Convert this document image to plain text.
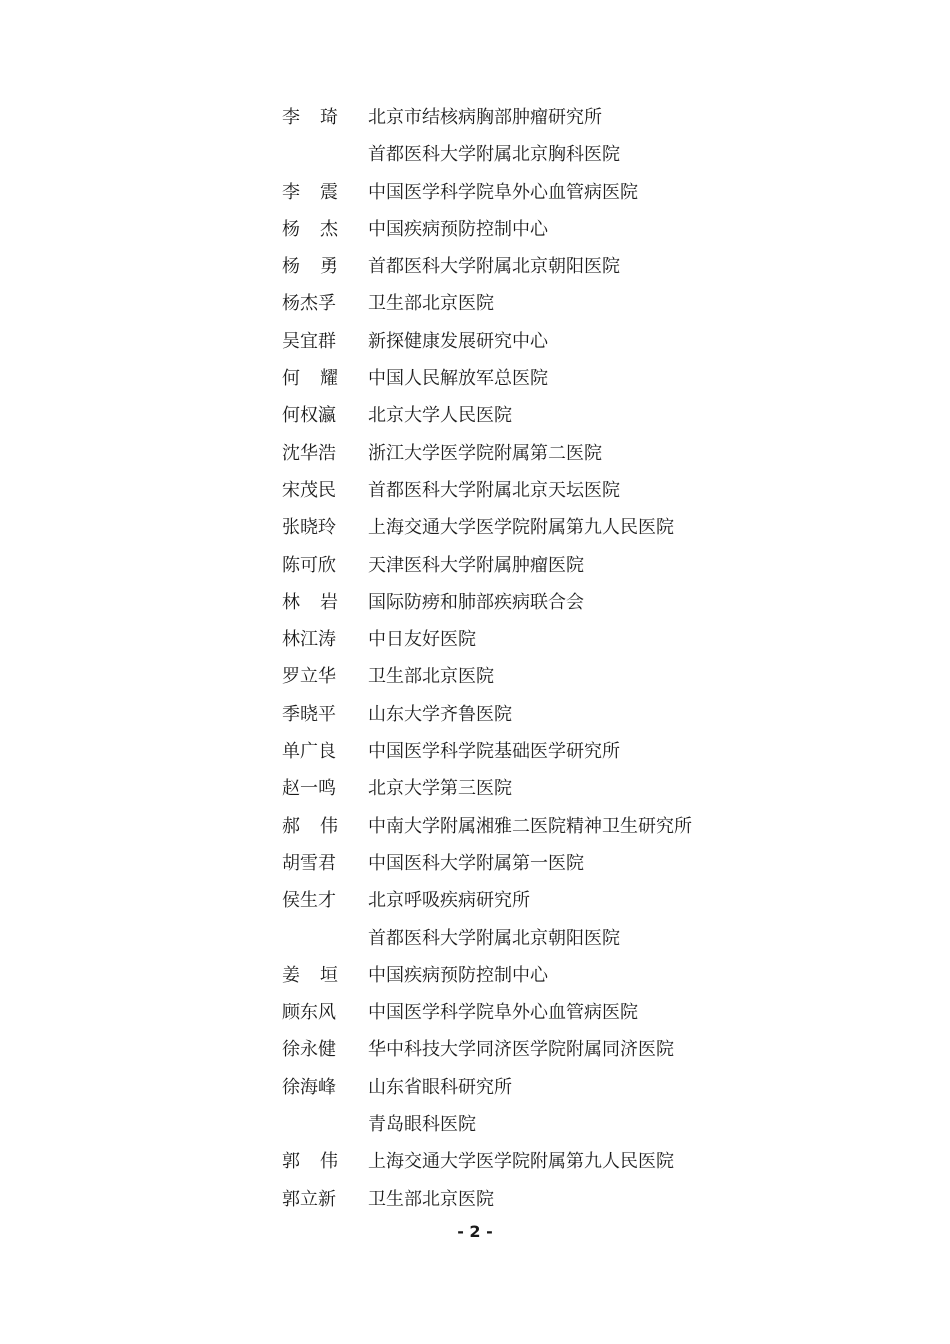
李 琦 北京市结核病胸部肿瘤研究所
首都医科大学附属北京胸科医院
李 震 中国医学科学院阜外心血管病医院
杨 杰 中国疾病预防控制中心
杨 勇 首都医科大学附属北京朝阳医院
杨杰孚 卫生部北京医院
吴宜群 新探健康发展研究中心
何 耀 中国人民解放军总医院
何权瀛 北京大学人民医院
沈华浩 浙江大学医学院附属第二医院
宋茂民 首都医科大学附属北京天坛医院
张晓玲 上海交通大学医学院附属第九人民医院
陈可欣 天津医科大学附属肿瘤医院
林 岩 国际防痨和肺部疾病联合会
林江涛 中日友好医院
罗立华 卫生部北京医院
季晓平 山东大学齐鲁医院
单广良 中国医学科学院基础医学研究所
赵一鸣 北京大学第三医院
郝 伟 中南大学附属湘雅二医院精神卫生研究所
胡雪君 中国医科大学附属第一医院
侯生才 北京呼吸疾病研究所
首都医科大学附属北京朝阳医院
姜 垣 中国疾病预防控制中心
顾东风 中国医学科学院阜外心血管病医院
徐永健 华中科技大学同济医学院附属同济医院
徐海峰 山东省眼科研究所
青岛眼科医院
郭 伟 上海交通大学医学院附属第九人民医院
郭立新 卫生部北京医院
- 2 -
